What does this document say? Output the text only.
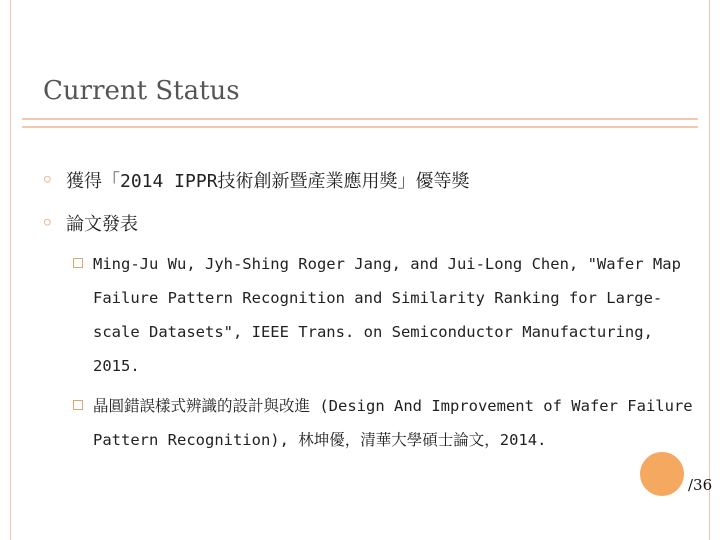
Current Status
○ 獲得「2014 IPPR技術創新暨產業應用獎」優等獎
○ 論文發表
Ming-Ju Wu, Jyh-Shing Roger Jang, and Jui-Long Chen, "Wafer Map Failure Pattern Recognition and Similarity Ranking for Large-scale Datasets", IEEE Trans. on Semiconductor Manufacturing, 2015.
晶圓錯誤樣式辨識的設計與改進 (Design And Improvement of Wafer Failure Pattern Recognition), 林坤優，清華大學碩士論文，2014.
/36
